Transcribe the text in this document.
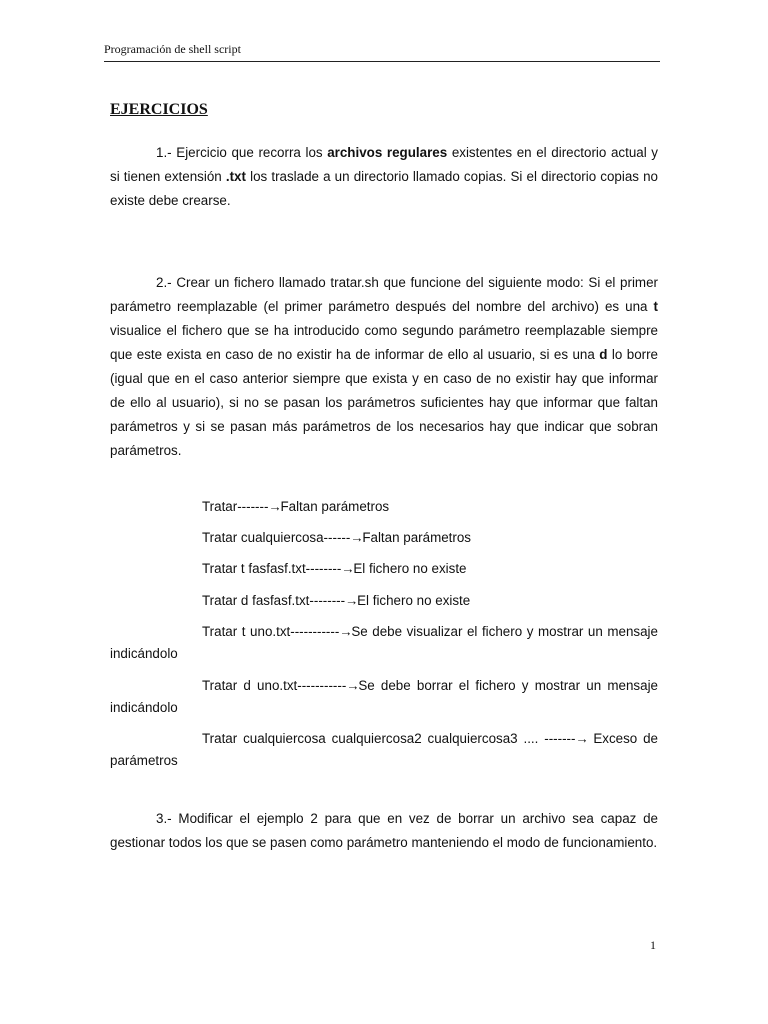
Programación de shell script
EJERCICIOS

1.- Ejercicio que recorra los archivos regulares existentes en el directorio actual y si tienen extensión .txt los traslade a un directorio llamado copias. Si el directorio copias no existe debe crearse.

2.- Crear un fichero llamado tratar.sh que funcione del siguiente modo: Si el primer parámetro reemplazable (el primer parámetro después del nombre del archivo) es una t visualice el fichero que se ha introducido como segundo parámetro reemplazable siempre que este exista en caso de no existir ha de informar de ello al usuario, si es una d lo borre (igual que en el caso anterior siempre que exista y en caso de no existir hay que informar de ello al usuario), si no se pasan los parámetros suficientes hay que informar que faltan parámetros y si se pasan más parámetros de los necesarios hay que indicar que sobran parámetros.

Tratar-------→Faltan parámetros

Tratar cualquiercosa------→Faltan parámetros

Tratar t fasfasf.txt--------→El fichero no existe

Tratar d fasfasf.txt--------→El fichero no existe

Tratar t uno.txt-----------→Se debe visualizar el fichero y mostrar un mensaje indicándolo

Tratar d uno.txt-----------→Se debe borrar el fichero y mostrar un mensaje indicándolo

Tratar cualquiercosa cualquiercosa2 cualquiercosa3 .... -------→ Exceso de parámetros

3.- Modificar el ejemplo 2 para que en vez de borrar un archivo sea capaz de gestionar todos los que se pasen como parámetro manteniendo el modo de funcionamiento.

1
